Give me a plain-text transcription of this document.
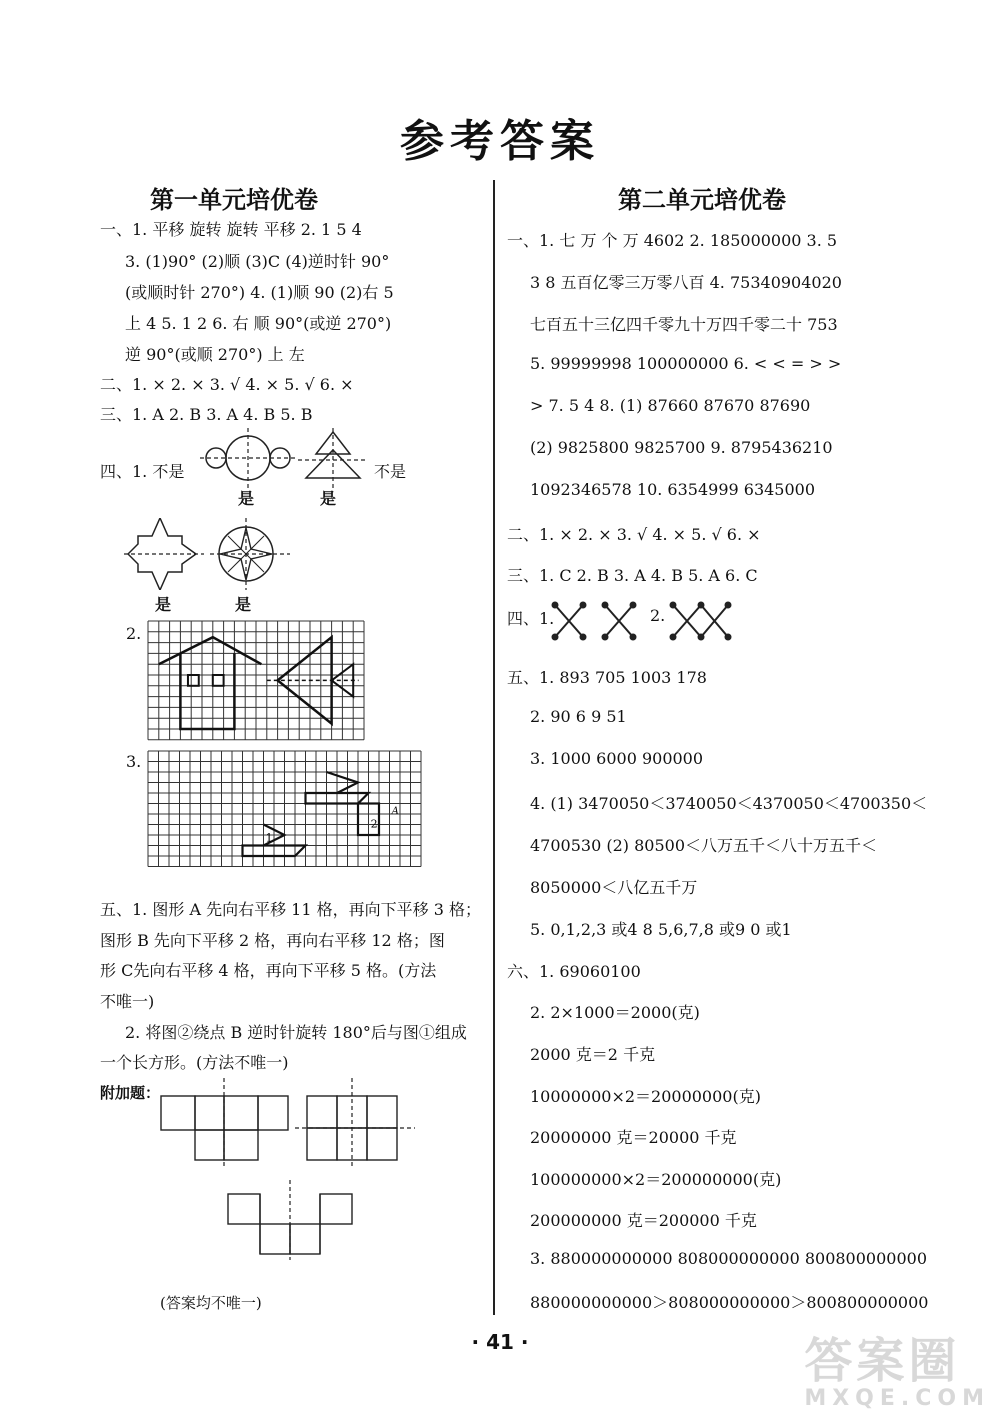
参考答案
第一单元培优卷
一、1. 平移 旋转 旋转 平移 2. 1 5 4
3. (1)90° (2)顺 (3)C (4)逆时针 90°
(或顺时针 270°) 4. (1)顺 90 (2)右 5
上 4 5. 1 2 6. 右 顺 90°(或逆 270°)
逆 90°(或顺 270°) 上 左
二、1. × 2. × 3. √ 4. × 5. √ 6. ×
三、1. A 2. B 3. A 4. B 5. B
四、1. 不是	不是
是	是
是	是
2.
3.
1
2
A
五、1. 图形 A 先向右平移 11 格，再向下平移 3 格；
图形 B 先向下平移 2 格，再向右平移 12 格；图
形 C先向右平移 4 格，再向下平移 5 格。(方法
不唯一)
2. 将图②绕点 B 逆时针旋转 180°后与图①组成
一个长方形。(方法不唯一)
附加题：
(答案均不唯一)
第二单元培优卷
一、1. 七 万 个 万 4602 2. 185000000 3. 5
3 8 五百亿零三万零八百 4. 75340904020
七百五十三亿四千零九十万四千零二十 753
5. 99999998 100000000 6. < < = > >
> 7. 5 4 8. (1) 87660 87670 87690
(2) 9825800 9825700 9. 8795436210
1092346578 10. 6354999 6345000
二、1. × 2. × 3. √ 4. × 5. √ 6. ×
三、1. C 2. B 3. A 4. B 5. A 6. C
四、1.	2.
五、1. 893 705 1003 178
2. 90 6 9 51
3. 1000 6000 900000
4. (1) 3470050＜3740050＜4370050＜4700350＜
4700530 (2) 80500＜八万五千＜八十万五千＜
8050000＜八亿五千万
5. 0,1,2,3 或4 8 5,6,7,8 或9 0 或1
六、1. 69060100
2. 2×1000＝2000(克)
2000 克＝2 千克
10000000×2＝20000000(克)
20000000 克＝20000 千克
100000000×2＝200000000(克)
200000000 克＝200000 千克
3. 880000000000 808000000000 800800000000
880000000000＞808000000000＞800800000000
· 41 ·	答案圈
MXQE.COM
